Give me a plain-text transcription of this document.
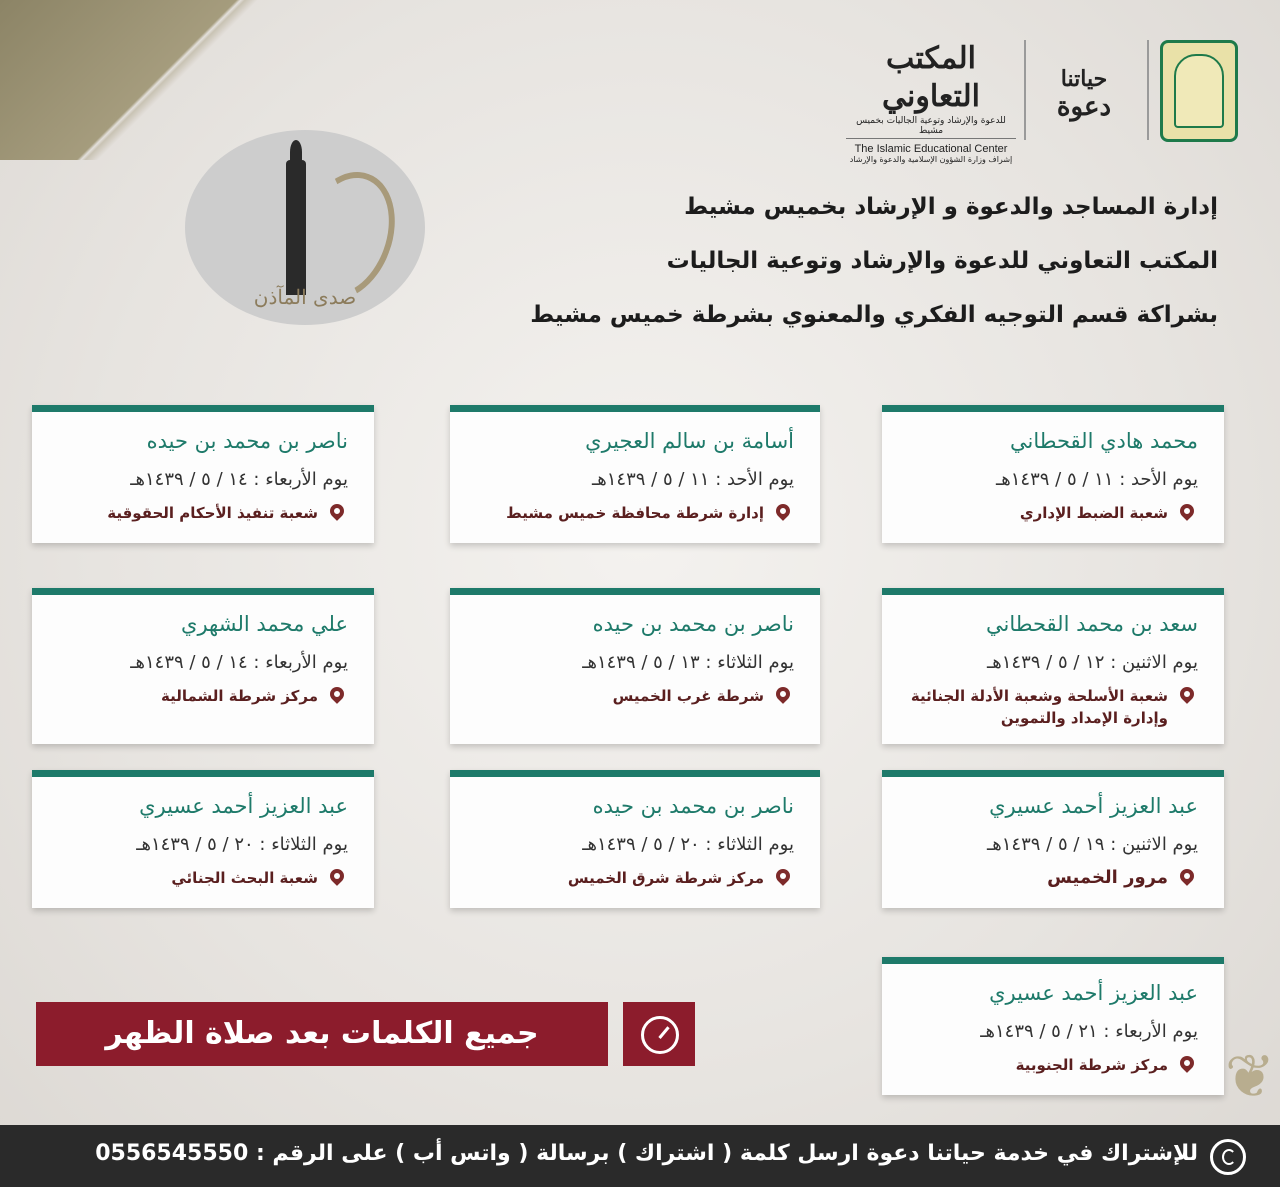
❦
حياتنا
دعوة
المكتب التعاوني
للدعوة والإرشاد وتوعية الجاليات بخميس مشيط
The Islamic Educational Center
إشراف وزارة الشؤون الإسلامية والدعوة والإرشاد
صدى المآذن
إدارة المساجد والدعوة و الإرشاد بخميس مشيط
المكتب التعاوني للدعوة والإرشاد وتوعية الجاليات
بشراكة قسم التوجيه الفكري والمعنوي بشرطة خميس مشيط
محمد هادي القحطاني
يوم الأحد : ١١ / ٥ / ١٤٣٩هـ
شعبة الضبط الإداري
أسامة بن سالم العجيري
يوم الأحد : ١١ / ٥ / ١٤٣٩هـ
إدارة شرطة محافظة خميس مشيط
ناصر بن محمد بن حيده
يوم الأربعاء : ١٤ / ٥ / ١٤٣٩هـ
شعبة تنفيذ الأحكام الحقوقية
سعد بن محمد القحطاني
يوم الاثنين : ١٢ / ٥ / ١٤٣٩هـ
شعبة الأسلحة وشعبة الأدلة الجنائية وإدارة الإمداد والتموين
ناصر بن محمد بن حيده
يوم الثلاثاء : ١٣ / ٥ / ١٤٣٩هـ
شرطة غرب الخميس
علي محمد الشهري
يوم الأربعاء : ١٤ / ٥ / ١٤٣٩هـ
مركز شرطة الشمالية
عبد العزيز أحمد عسيري
يوم الاثنين : ١٩ / ٥ / ١٤٣٩هـ
مرور الخميس
ناصر بن محمد بن حيده
يوم الثلاثاء : ٢٠ / ٥ / ١٤٣٩هـ
مركز شرطة شرق الخميس
عبد العزيز أحمد عسيري
يوم الثلاثاء : ٢٠ / ٥ / ١٤٣٩هـ
شعبة البحث الجنائي
عبد العزيز أحمد عسيري
يوم الأربعاء : ٢١ / ٥ / ١٤٣٩هـ
مركز شرطة الجنوبية
جميع الكلمات بعد صلاة الظهر
للإشتراك في خدمة حياتنا دعوة ارسل كلمة ( اشتراك ) برسالة ( واتس أب ) على الرقم : 0556545550
